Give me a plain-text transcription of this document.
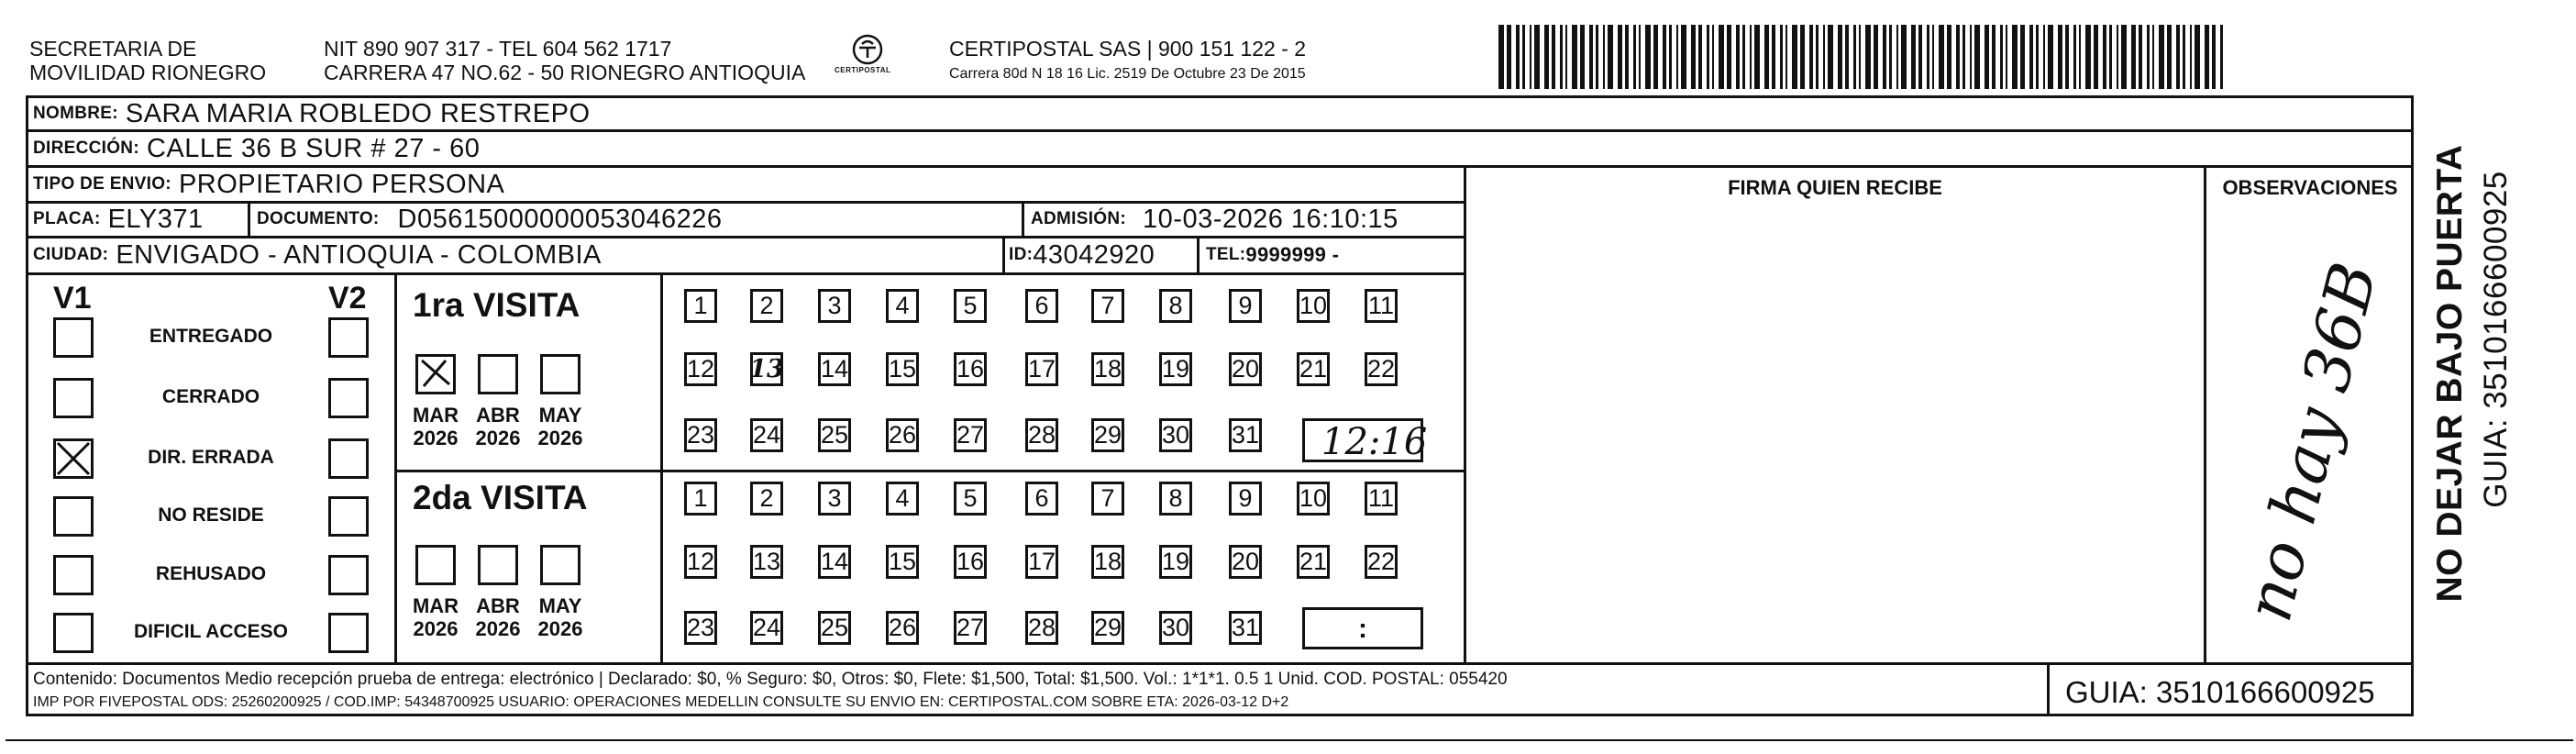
SECRETARIA DE
MOVILIDAD RIONEGRO
NIT 890 907 317 - TEL 604 562 1717
CARRERA 47 NO.62 - 50 RIONEGRO ANTIOQUIA	CERTIPOSTAL
CERTIPOSTAL SAS | 900 151 122 - 2
Carrera 80d N 18 16 Lic. 2519 De Octubre 23 De 2015
NOMBRE: SARA MARIA ROBLEDO RESTREPO
DIRECCIÓN: CALLE 36 B SUR # 27 - 60
TIPO DE ENVIO: PROPIETARIO PERSONA
PLACA: ELY371	DOCUMENTO: D05615000000053046226	ADMISIÓN: 10-03-2026 16:10:15
CIUDAD: ENVIGADO - ANTIOQUIA - COLOMBIA	ID: 43042920	TEL: 9999999 -
FIRMA QUIEN RECIBE	OBSERVACIONES
V1	V2
ENTREGADO
CERRADO
DIR. ERRADA
NO RESIDE
REHUSADO
DIFICIL ACCESO
1ra VISITA
2da VISITA
1 2 3 4 5 6 7 8 9 10 11
12 13 14 15 16 17 18 19 20 21 22
23 24 25 26 27 28 29 30 31
MAR
2026
ABR
2026
MAY
2026
1 2 3 4 5 6 7 8 9 10 11
12 13 14 15 16 17 18 19 20 21 22
23 24 25 26 27 28 29 30 31
MAR
2026
ABR
2026
MAY
2026
12:16
:
no hay 36B NO DEJAR BAJO PUERTA GUIA: 3510166600925
Contenido: Documentos Medio recepción prueba de entrega: electrónico | Declarado: $0, % Seguro: $0, Otros: $0, Flete: $1,500, Total: $1,500. Vol.: 1*1*1. 0.5 1 Unid. COD. POSTAL: 055420
IMP POR FIVEPOSTAL ODS: 25260200925 / COD.IMP: 54348700925 USUARIO: OPERACIONES MEDELLIN CONSULTE SU ENVIO EN: CERTIPOSTAL.COM SOBRE ETA: 2026-03-12 D+2	GUIA: 3510166600925
